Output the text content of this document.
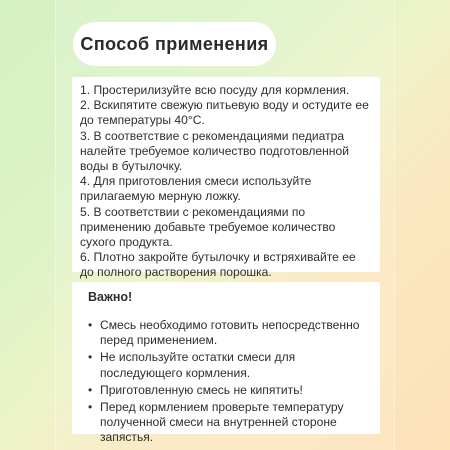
Способ применения

1. Простерилизуйте всю посуду для кормления.

2. Вскипятите свежую питьевую воду и остудите ее до температуры 40°С.

3. В соответствие с рекомендациями педиатра налейте требуемое количество подготовленной воды в бутылочку.

4. Для приготовления смеси используйте прилагаемую мерную ложку.

5. В соответствии с рекомендациями по применению добавьте требуемое количество сухого продукта.

6. Плотно закройте бутылочку и встряхивайте ее до полного растворения порошка.

Важно!

• Смесь необходимо готовить непосредственно перед применением.
• Не используйте остатки смеси для последующего кормления.
• Приготовленную смесь не кипятить!
• Перед кормлением проверьте температуру полученной смеси на внутренней стороне запястья.
